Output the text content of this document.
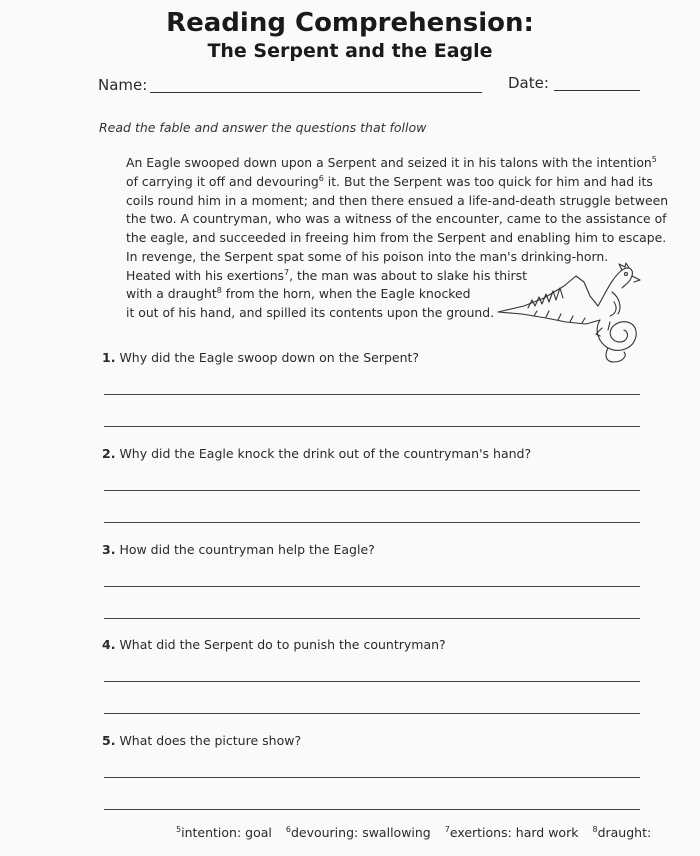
Reading Comprehension:
The Serpent and the Eagle
Name:	Date:
Read the fable and answer the questions that follow
An Eagle swooped down upon a Serpent and seized it in his talons with the intention$^5$
of carrying it off and devouring$^6$ it. But the Serpent was too quick for him and had its
coils round him in a moment; and then there ensued a life-and-death struggle between
the two. A countryman, who was a witness of the encounter, came to the assistance of
the eagle, and succeeded in freeing him from the Serpent and enabling him to escape.
In revenge, the Serpent spat some of his poison into the man's drinking-horn.
Heated with his exertions$^7$, the man was about to slake his thirst
with a draught$^8$ from the horn, when the Eagle knocked
it out of his hand, and spilled its contents upon the ground.
1. Why did the Eagle swoop down on the Serpent?
2. Why did the Eagle knock the drink out of the countryman's hand?
3. How did the countryman help the Eagle?
4. What did the Serpent do to punish the countryman?
5. What does the picture show?
$^5$intention: goal $^6$devouring: swallowing $^7$exertions: hard work $^8$draught:
